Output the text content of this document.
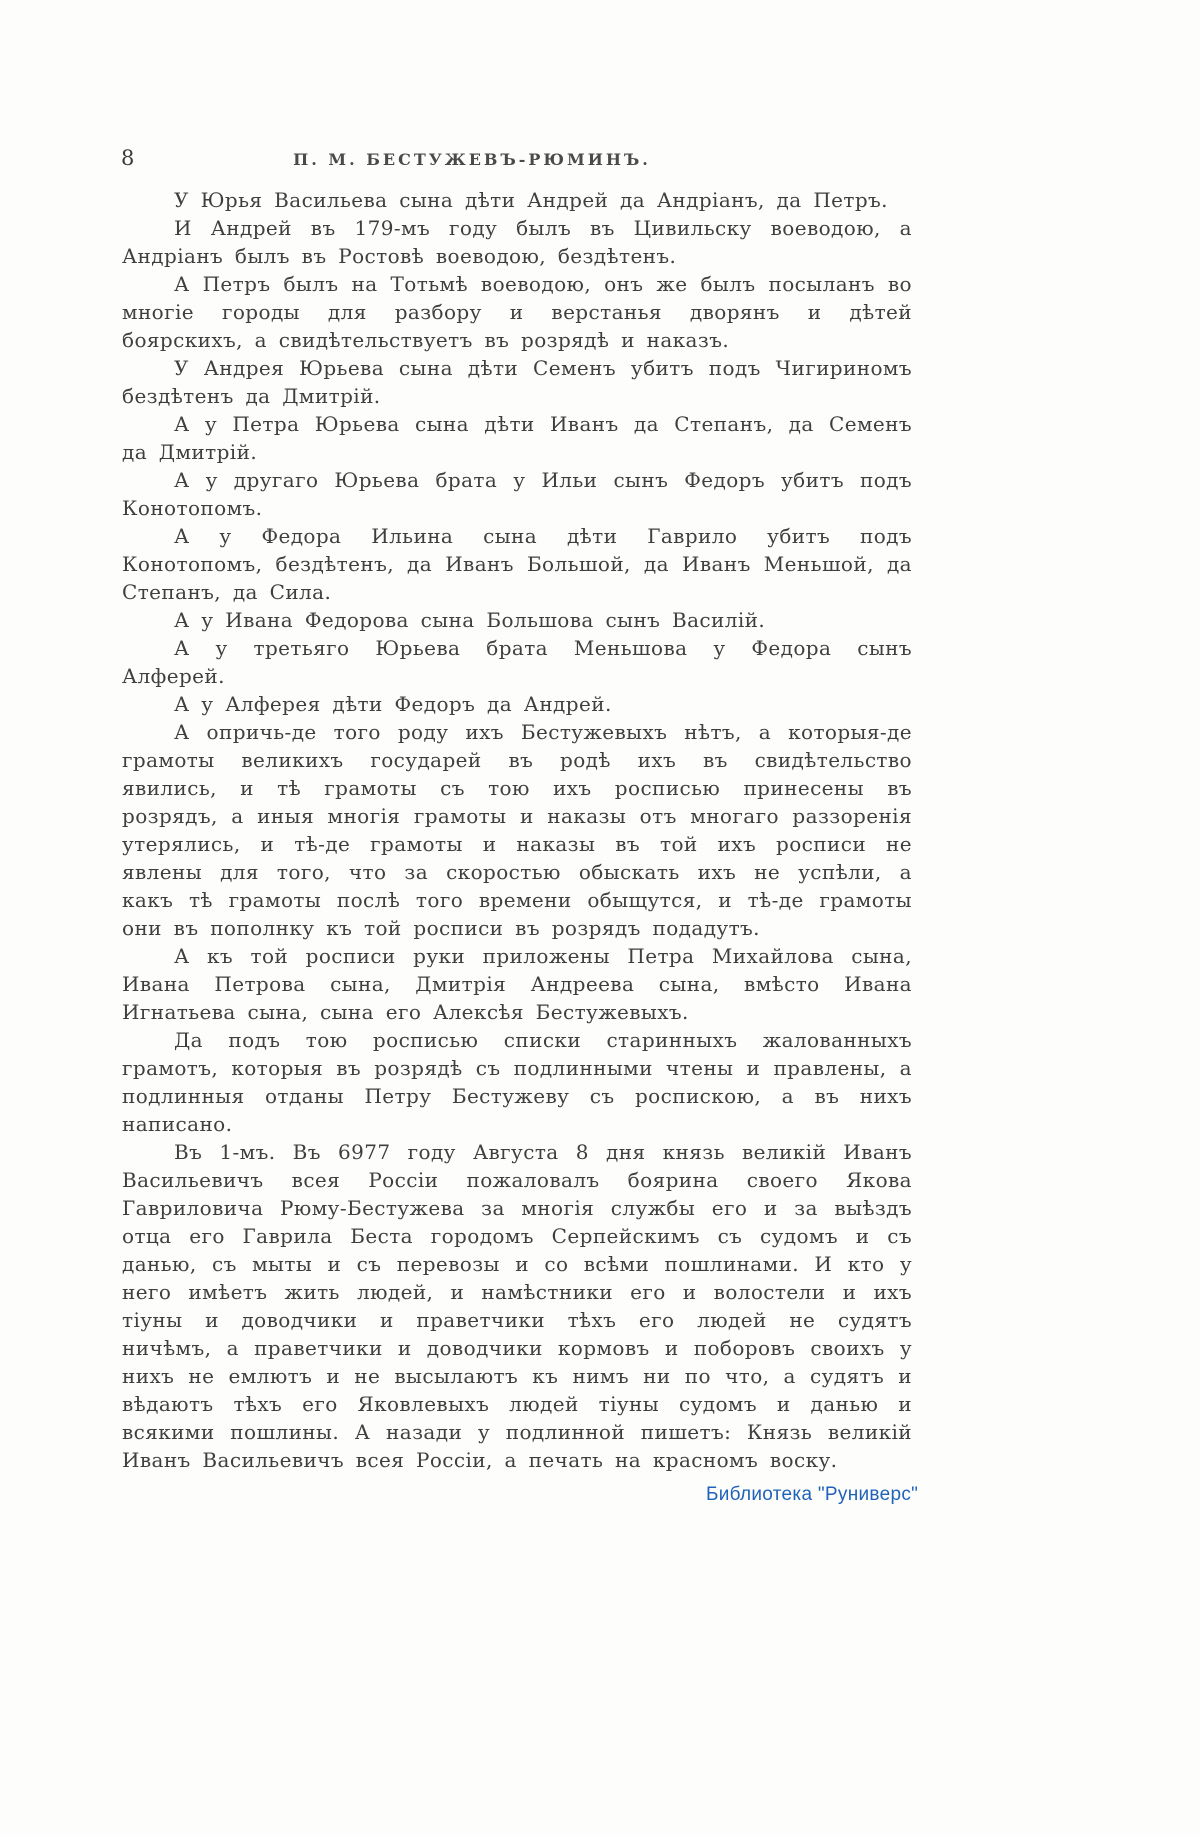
8	П. М. БЕСТУЖЕВЪ-РЮМИНЪ.

У Юрья Васильева сына дѣти Андрей да Андріанъ, да Петръ.

И Андрей въ 179-мъ году былъ въ Цивильску воеводою, а Андріанъ былъ въ Ростовѣ воеводою, бездѣтенъ.

А Петръ былъ на Тотьмѣ воеводою, онъ же былъ посыланъ во многіе городы для разбору и верстанья дворянъ и дѣтей боярскихъ, а свидѣтельствуетъ въ розрядѣ и наказъ.

У Андрея Юрьева сына дѣти Семенъ убитъ подъ Чигириномъ бездѣтенъ да Дмитрій.

А у Петра Юрьева сына дѣти Иванъ да Степанъ, да Семенъ да Дмитрій.

А у другаго Юрьева брата у Ильи сынъ Федоръ убитъ подъ Конотопомъ.

А у Федора Ильина сына дѣти Гаврило убитъ подъ Конотопомъ, бездѣтенъ, да Иванъ Большой, да Иванъ Меньшой, да Степанъ, да Сила.

А у Ивана Федорова сына Большова сынъ Василій.

А у третьяго Юрьева брата Меньшова у Федора сынъ Алферей.

А у Алферея дѣти Федоръ да Андрей.

А опричь-де того роду ихъ Бестужевыхъ нѣтъ, а которыя-де грамоты великихъ государей въ родѣ ихъ въ свидѣтельство явились, и тѣ грамоты съ тою ихъ росписью принесены въ розрядъ, а иныя многія грамоты и наказы отъ многаго раззоренія утерялись, и тѣ-де грамоты и наказы въ той ихъ росписи не явлены для того, что за скоростью обыскать ихъ не успѣли, а какъ тѣ грамоты послѣ того времени обыщутся, и тѣ-де грамоты они въ пополнку къ той росписи въ розрядъ подадутъ.

А къ той росписи руки приложены Петра Михайлова сына, Ивана Петрова сына, Дмитрія Андреева сына, вмѣсто Ивана Игнатьева сына, сына его Алексѣя Бестужевыхъ.

Да подъ тою росписью списки старинныхъ жалованныхъ грамотъ, которыя въ розрядѣ съ подлинными чтены и правлены, а подлинныя отданы Петру Бестужеву съ роспискою, а въ нихъ написано.

Въ 1-мъ. Въ 6977 году Августа 8 дня князь великій Иванъ Васильевичъ всея Россіи пожаловалъ боярина своего Якова Гавриловича Рюму-Бестужева за многія службы его и за выѣздъ отца его Гаврила Беста городомъ Серпейскимъ съ судомъ и съ данью, съ мыты и съ перевозы и со всѣми пошлинами. И кто у него имѣетъ жить людей, и намѣстники его и волостели и ихъ тіуны и доводчики и праветчики тѣхъ его людей не судятъ ничѣмъ, а праветчики и доводчики кормовъ и поборовъ своихъ у нихъ не емлютъ и не высылаютъ къ нимъ ни по что, а судятъ и вѣдаютъ тѣхъ его Яковлевыхъ людей тіуны судомъ и данью и всякими пошлины. А назади у подлинной пишетъ: Князь великій Иванъ Васильевичъ всея Россіи, а печать на красномъ воску.

Библиотека "Руниверс"
